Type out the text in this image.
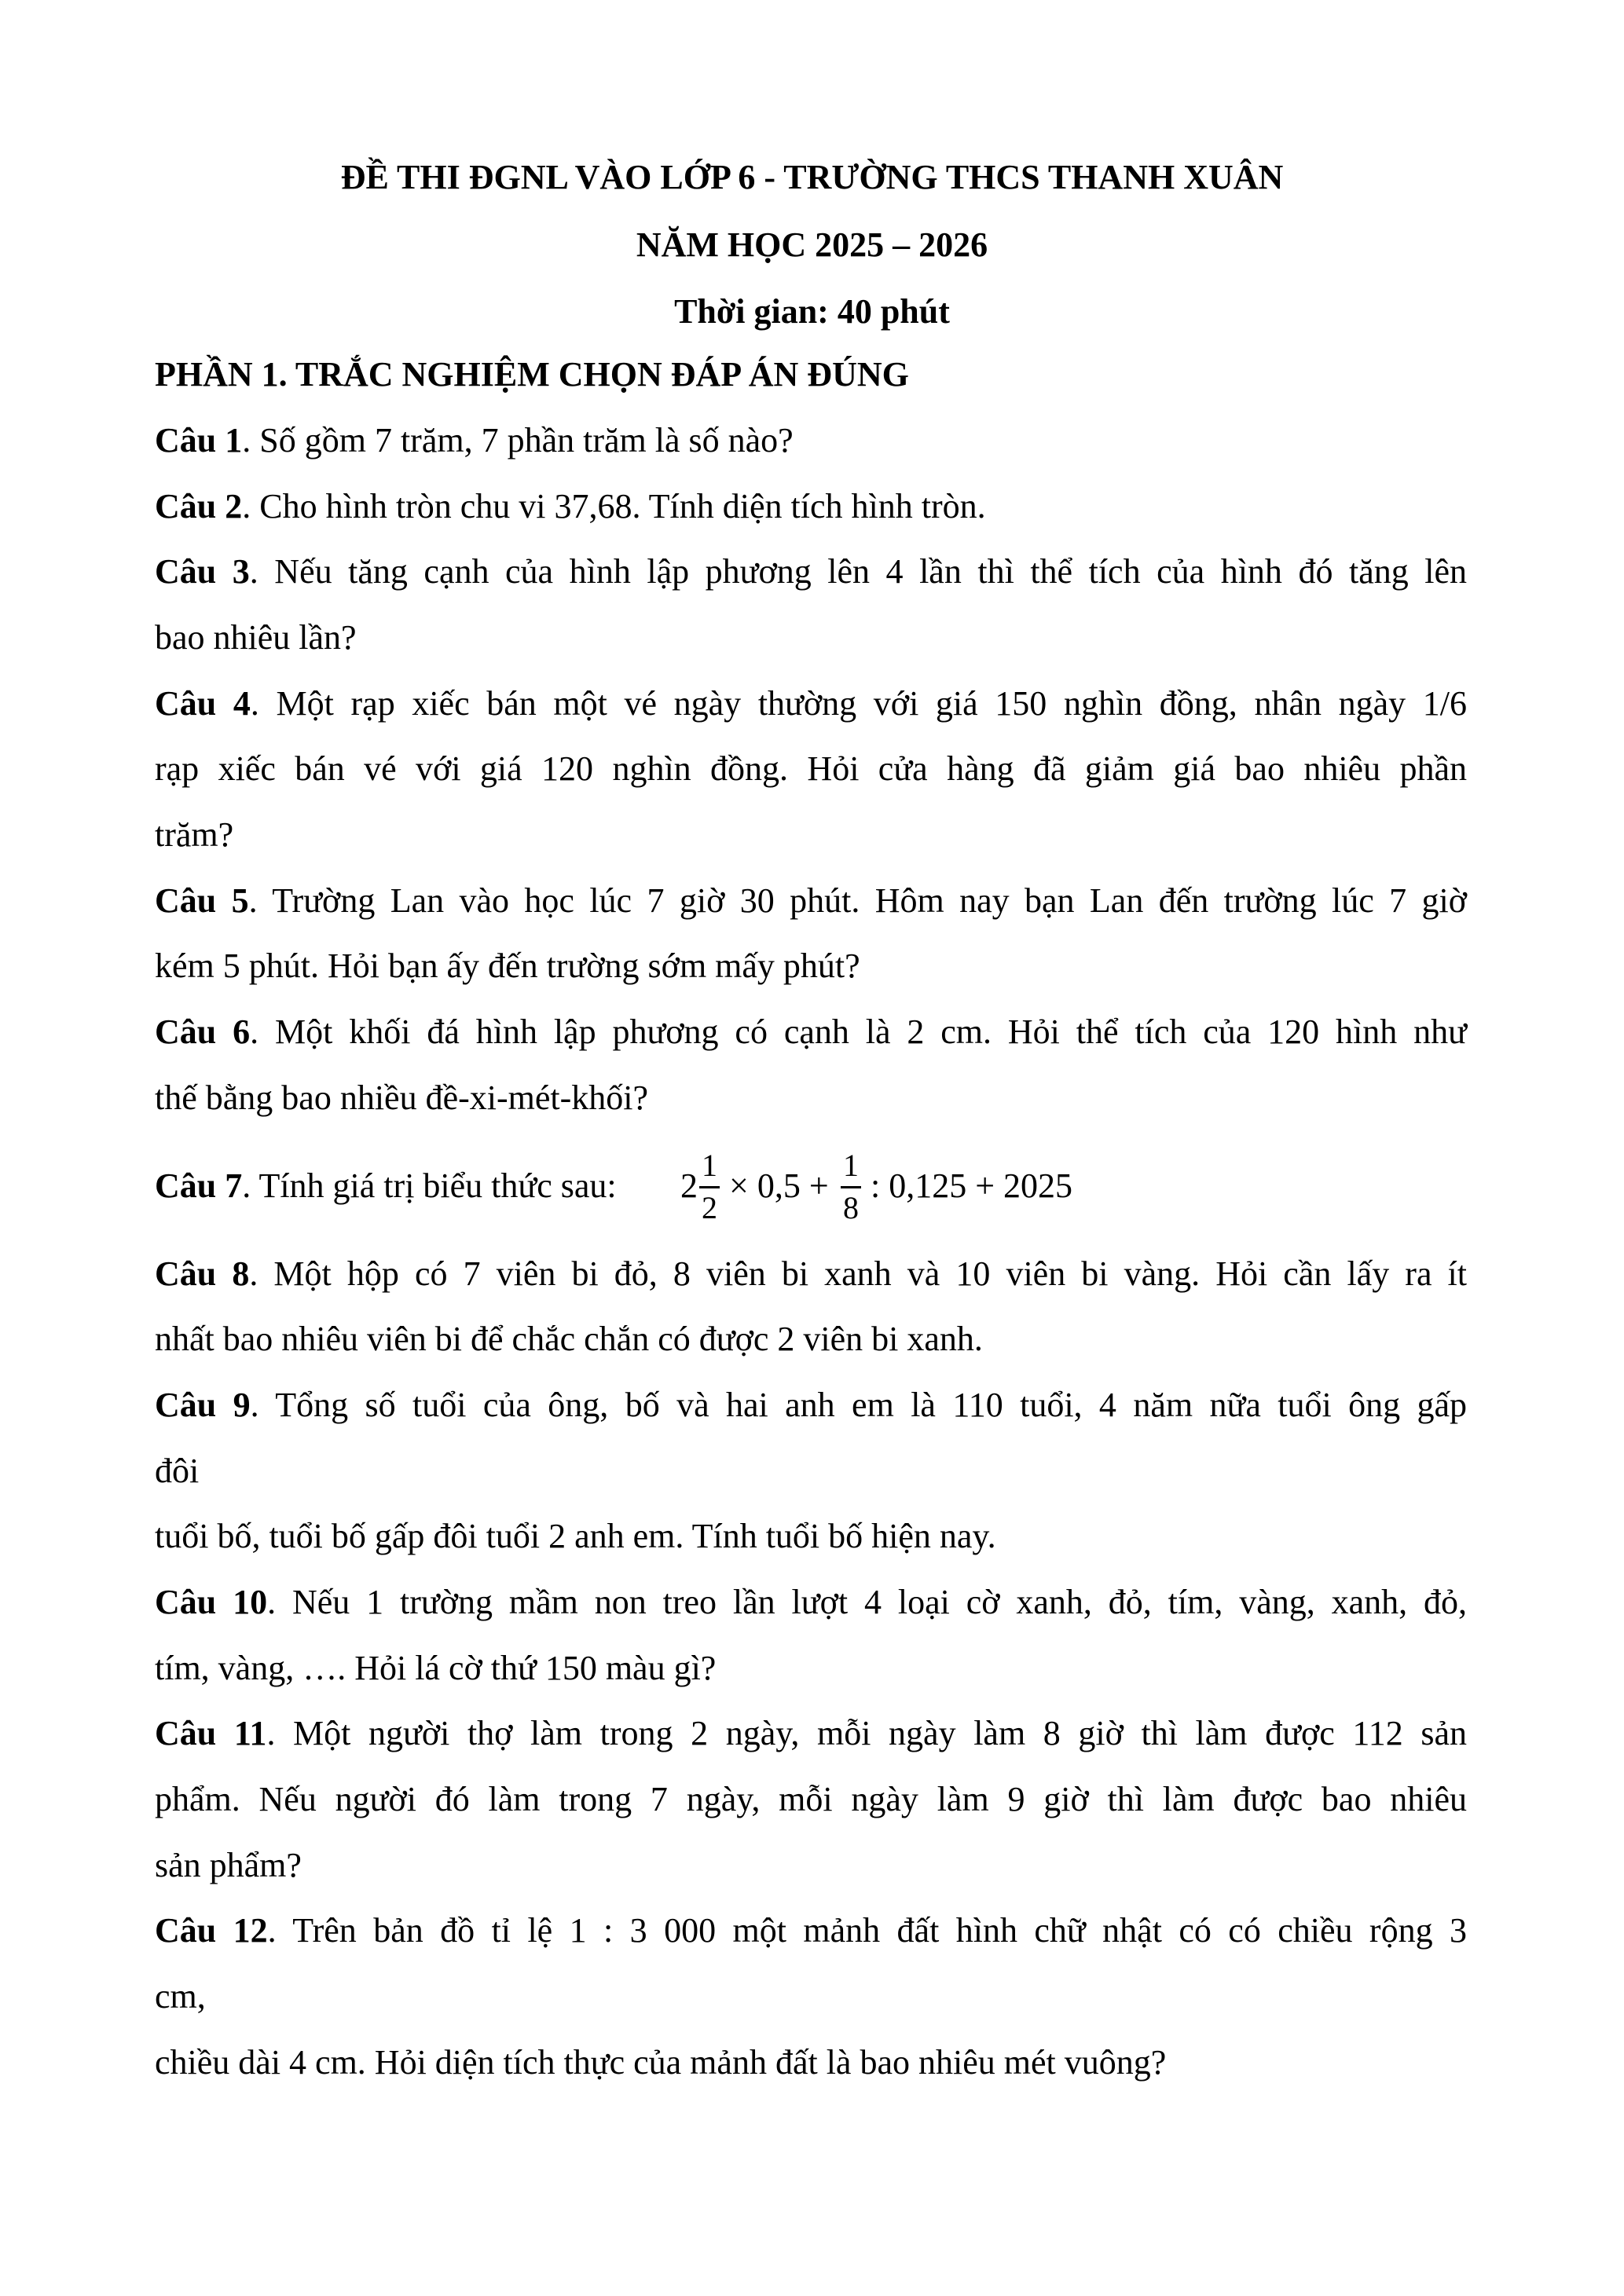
ĐỀ THI ĐGNL VÀO LỚP 6 - TRƯỜNG THCS THANH XUÂN
NĂM HỌC 2025 – 2026
Thời gian: 40 phút
PHẦN 1. TRẮC NGHIỆM CHỌN ĐÁP ÁN ĐÚNG
Câu 1. Số gồm 7 trăm, 7 phần trăm là số nào?
Câu 2. Cho hình tròn chu vi 37,68. Tính diện tích hình tròn.
Câu 3. Nếu tăng cạnh của hình lập phương lên 4 lần thì thể tích của hình đó tăng lên
bao nhiêu lần?
Câu 4. Một rạp xiếc bán một vé ngày thường với giá 150 nghìn đồng, nhân ngày 1/6
rạp xiếc bán vé với giá 120 nghìn đồng. Hỏi cửa hàng đã giảm giá bao nhiêu phần
trăm?
Câu 5. Trường Lan vào học lúc 7 giờ 30 phút. Hôm nay bạn Lan đến trường lúc 7 giờ
kém 5 phút. Hỏi bạn ấy đến trường sớm mấy phút?
Câu 6. Một khối đá hình lập phương có cạnh là 2 cm. Hỏi thể tích của 120 hình như
thế bằng bao nhiều đề-xi-mét-khối?
Câu 7. Tính giá trị biểu thức sau: 2
1
2
× 0,5 +
1
8
: 0,125 + 2025
Câu 8. Một hộp có 7 viên bi đỏ, 8 viên bi xanh và 10 viên bi vàng. Hỏi cần lấy ra ít
nhất bao nhiêu viên bi để chắc chắn có được 2 viên bi xanh.
Câu 9. Tổng số tuổi của ông, bố và hai anh em là 110 tuổi, 4 năm nữa tuổi ông gấp
đôi
tuổi bố, tuổi bố gấp đôi tuổi 2 anh em. Tính tuổi bố hiện nay.
Câu 10. Nếu 1 trường mầm non treo lần lượt 4 loại cờ xanh, đỏ, tím, vàng, xanh, đỏ,
tím, vàng, …. Hỏi lá cờ thứ 150 màu gì?
Câu 11. Một người thợ làm trong 2 ngày, mỗi ngày làm 8 giờ thì làm được 112 sản
phẩm. Nếu người đó làm trong 7 ngày, mỗi ngày làm 9 giờ thì làm được bao nhiêu
sản phẩm?
Câu 12. Trên bản đồ tỉ lệ 1 : 3 000 một mảnh đất hình chữ nhật có có chiều rộng 3
cm,
chiều dài 4 cm. Hỏi diện tích thực của mảnh đất là bao nhiêu mét vuông?
